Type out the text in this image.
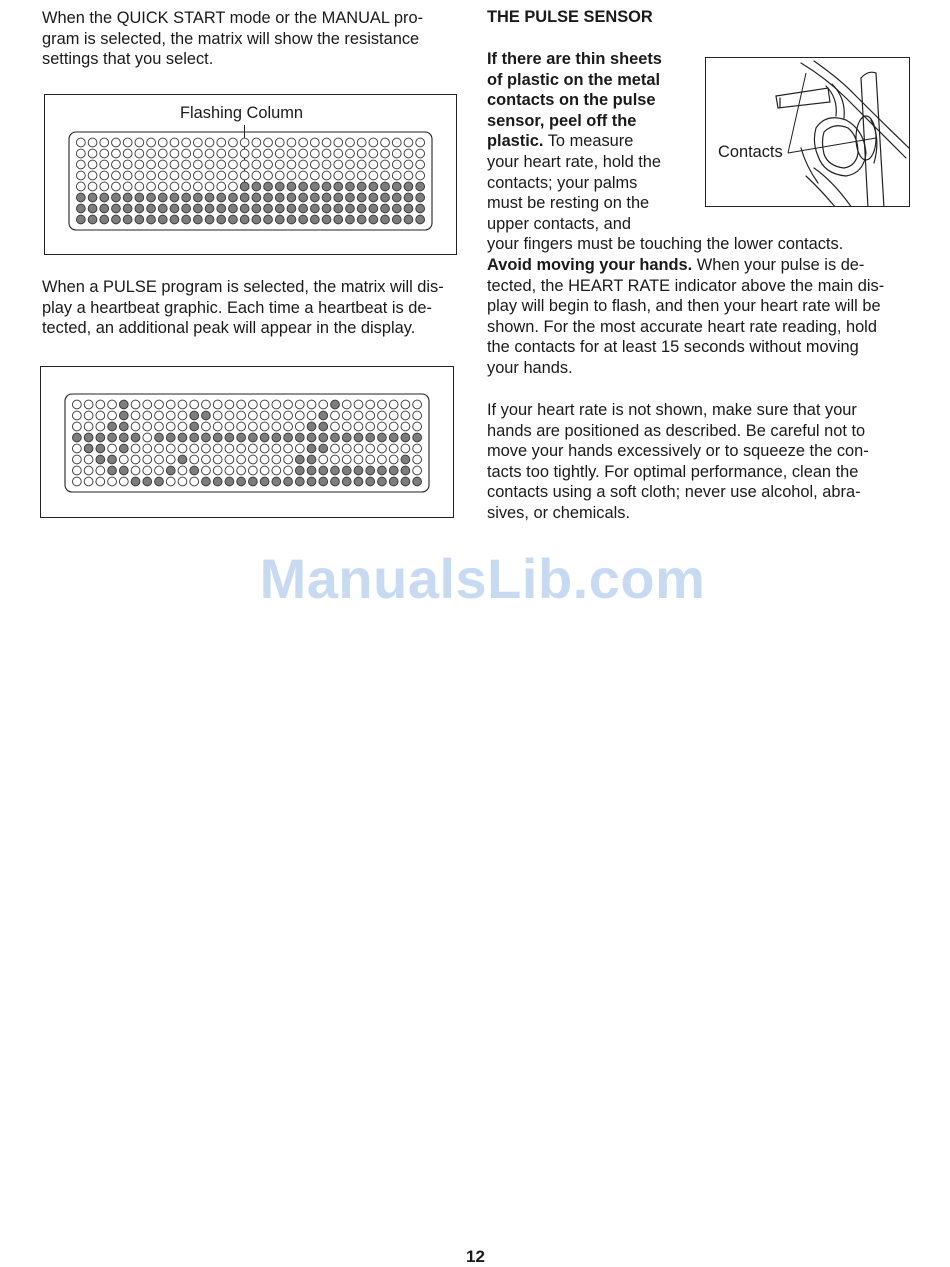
When the QUICK START mode or the MANUAL pro-
gram is selected, the matrix will show the resistance
settings that you select.

Flashing Column

When a PULSE program is selected, the matrix will dis-
play a heartbeat graphic. Each time a heartbeat is de-
tected, an additional peak will appear in the display.

THE PULSE SENSOR

If there are thin sheets
of plastic on the metal
contacts on the pulse
sensor, peel off the
plastic. To measure
your heart rate, hold the
contacts; your palms
must be resting on the
upper contacts, and
your fingers must be touching the lower contacts.
Avoid moving your hands. When your pulse is de-
tected, the HEART RATE indicator above the main dis-
play will begin to flash, and then your heart rate will be
shown. For the most accurate heart rate reading, hold
the contacts for at least 15 seconds without moving
your hands.

Contacts

If your heart rate is not shown, make sure that your
hands are positioned as described. Be careful not to
move your hands excessively or to squeeze the con-
tacts too tightly. For optimal performance, clean the
contacts using a soft cloth; never use alcohol, abra-
sives, or chemicals.

ManualsLib.com
12
